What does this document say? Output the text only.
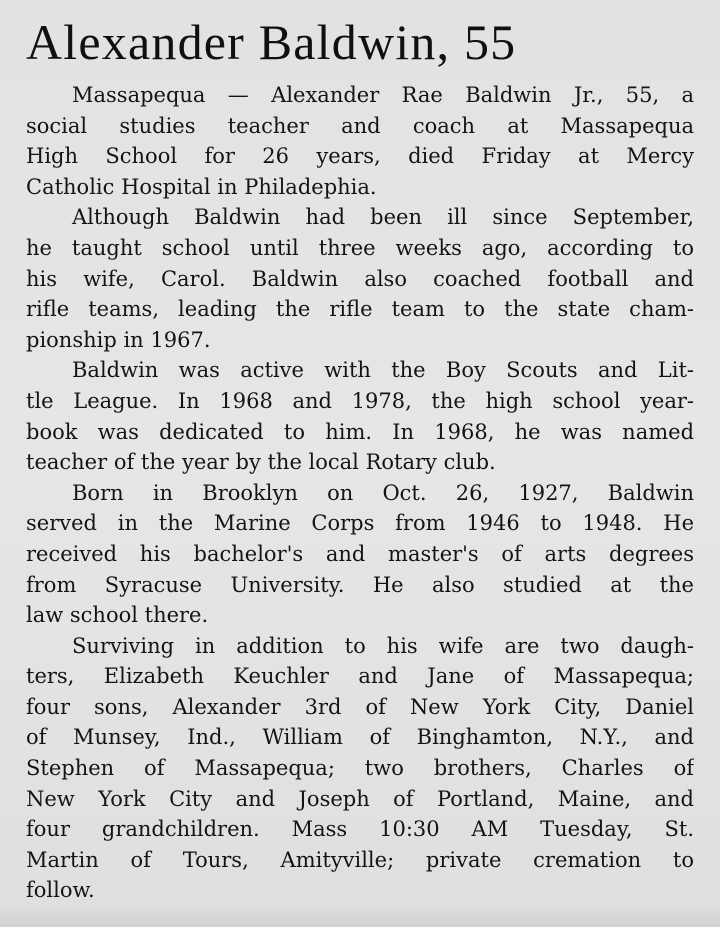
Alexander Baldwin, 55
Massapequa — Alexander Rae Baldwin Jr., 55, a
social studies teacher and coach at Massapequa
High School for 26 years, died Friday at Mercy
Catholic Hospital in Philadephia.
Although Baldwin had been ill since September,
he taught school until three weeks ago, according to
his wife, Carol. Baldwin also coached football and
rifle teams, leading the rifle team to the state cham-
pionship in 1967.
Baldwin was active with the Boy Scouts and Lit-
tle League. In 1968 and 1978, the high school year-
book was dedicated to him. In 1968, he was named
teacher of the year by the local Rotary club.
Born in Brooklyn on Oct. 26, 1927, Baldwin
served in the Marine Corps from 1946 to 1948. He
received his bachelor's and master's of arts degrees
from Syracuse University. He also studied at the
law school there.
Surviving in addition to his wife are two daugh-
ters, Elizabeth Keuchler and Jane of Massapequa;
four sons, Alexander 3rd of New York City, Daniel
of Munsey, Ind., William of Binghamton, N.Y., and
Stephen of Massapequa; two brothers, Charles of
New York City and Joseph of Portland, Maine, and
four grandchildren. Mass 10:30 AM Tuesday, St.
Martin of Tours, Amityville; private cremation to
follow.
